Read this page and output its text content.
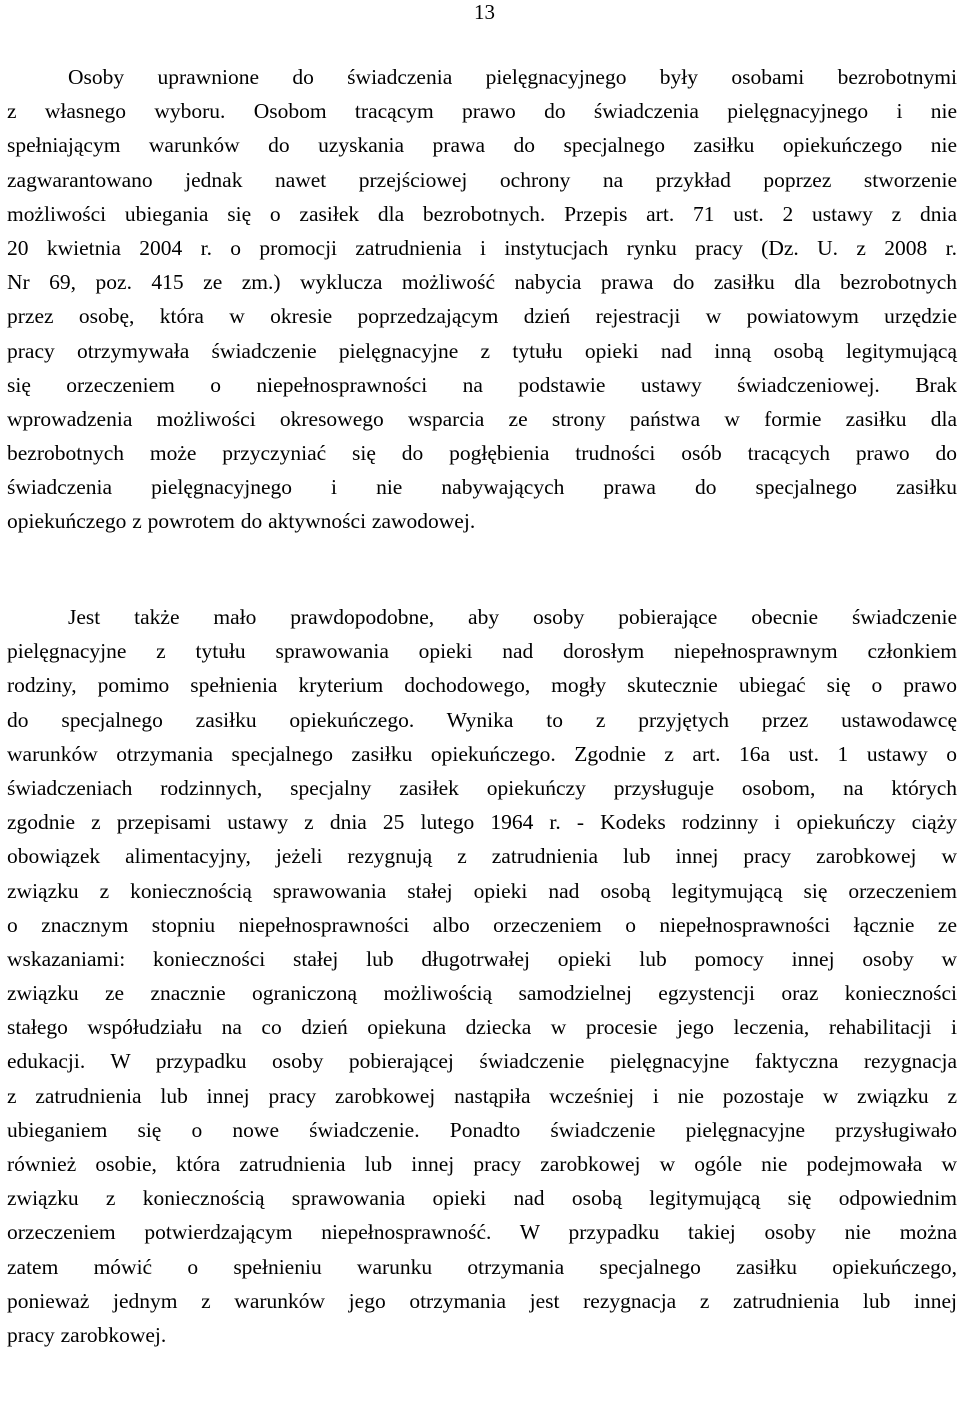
13
Osoby uprawnione do świadczenia pielęgnacyjnego były osobami bezrobotnymi
z własnego wyboru. Osobom tracącym prawo do świadczenia pielęgnacyjnego i nie
spełniającym warunków do uzyskania prawa do specjalnego zasiłku opiekuńczego nie
zagwarantowano jednak nawet przejściowej ochrony na przykład poprzez stworzenie
możliwości ubiegania się o zasiłek dla bezrobotnych. Przepis art. 71 ust. 2 ustawy z dnia
20 kwietnia 2004 r. o promocji zatrudnienia i instytucjach rynku pracy (Dz. U. z 2008 r.
Nr 69, poz. 415 ze zm.) wyklucza możliwość nabycia prawa do zasiłku dla bezrobotnych
przez osobę, która w okresie poprzedzającym dzień rejestracji w powiatowym urzędzie
pracy otrzymywała świadczenie pielęgnacyjne z tytułu opieki nad inną osobą legitymującą
się orzeczeniem o niepełnosprawności na podstawie ustawy świadczeniowej. Brak
wprowadzenia możliwości okresowego wsparcia ze strony państwa w formie zasiłku dla
bezrobotnych może przyczyniać się do pogłębienia trudności osób tracących prawo do
świadczenia pielęgnacyjnego i nie nabywających prawa do specjalnego zasiłku
opiekuńczego z powrotem do aktywności zawodowej.
Jest także mało prawdopodobne, aby osoby pobierające obecnie świadczenie
pielęgnacyjne z tytułu sprawowania opieki nad dorosłym niepełnosprawnym członkiem
rodziny, pomimo spełnienia kryterium dochodowego, mogły skutecznie ubiegać się o prawo
do specjalnego zasiłku opiekuńczego. Wynika to z przyjętych przez ustawodawcę
warunków otrzymania specjalnego zasiłku opiekuńczego. Zgodnie z art. 16a ust. 1 ustawy o
świadczeniach rodzinnych, specjalny zasiłek opiekuńczy przysługuje osobom, na których
zgodnie z przepisami ustawy z dnia 25 lutego 1964 r. - Kodeks rodzinny i opiekuńczy ciąży
obowiązek alimentacyjny, jeżeli rezygnują z zatrudnienia lub innej pracy zarobkowej w
związku z koniecznością sprawowania stałej opieki nad osobą legitymującą się orzeczeniem
o znacznym stopniu niepełnosprawności albo orzeczeniem o niepełnosprawności łącznie ze
wskazaniami: konieczności stałej lub długotrwałej opieki lub pomocy innej osoby w
związku ze znacznie ograniczoną możliwością samodzielnej egzystencji oraz konieczności
stałego współudziału na co dzień opiekuna dziecka w procesie jego leczenia, rehabilitacji i
edukacji. W przypadku osoby pobierającej świadczenie pielęgnacyjne faktyczna rezygnacja
z zatrudnienia lub innej pracy zarobkowej nastąpiła wcześniej i nie pozostaje w związku z
ubieganiem się o nowe świadczenie. Ponadto świadczenie pielęgnacyjne przysługiwało
również osobie, która zatrudnienia lub innej pracy zarobkowej w ogóle nie podejmowała w
związku z koniecznością sprawowania opieki nad osobą legitymującą się odpowiednim
orzeczeniem potwierdzającym niepełnosprawność. W przypadku takiej osoby nie można
zatem mówić o spełnieniu warunku otrzymania specjalnego zasiłku opiekuńczego,
ponieważ jednym z warunków jego otrzymania jest rezygnacja z zatrudnienia lub innej
pracy zarobkowej.
